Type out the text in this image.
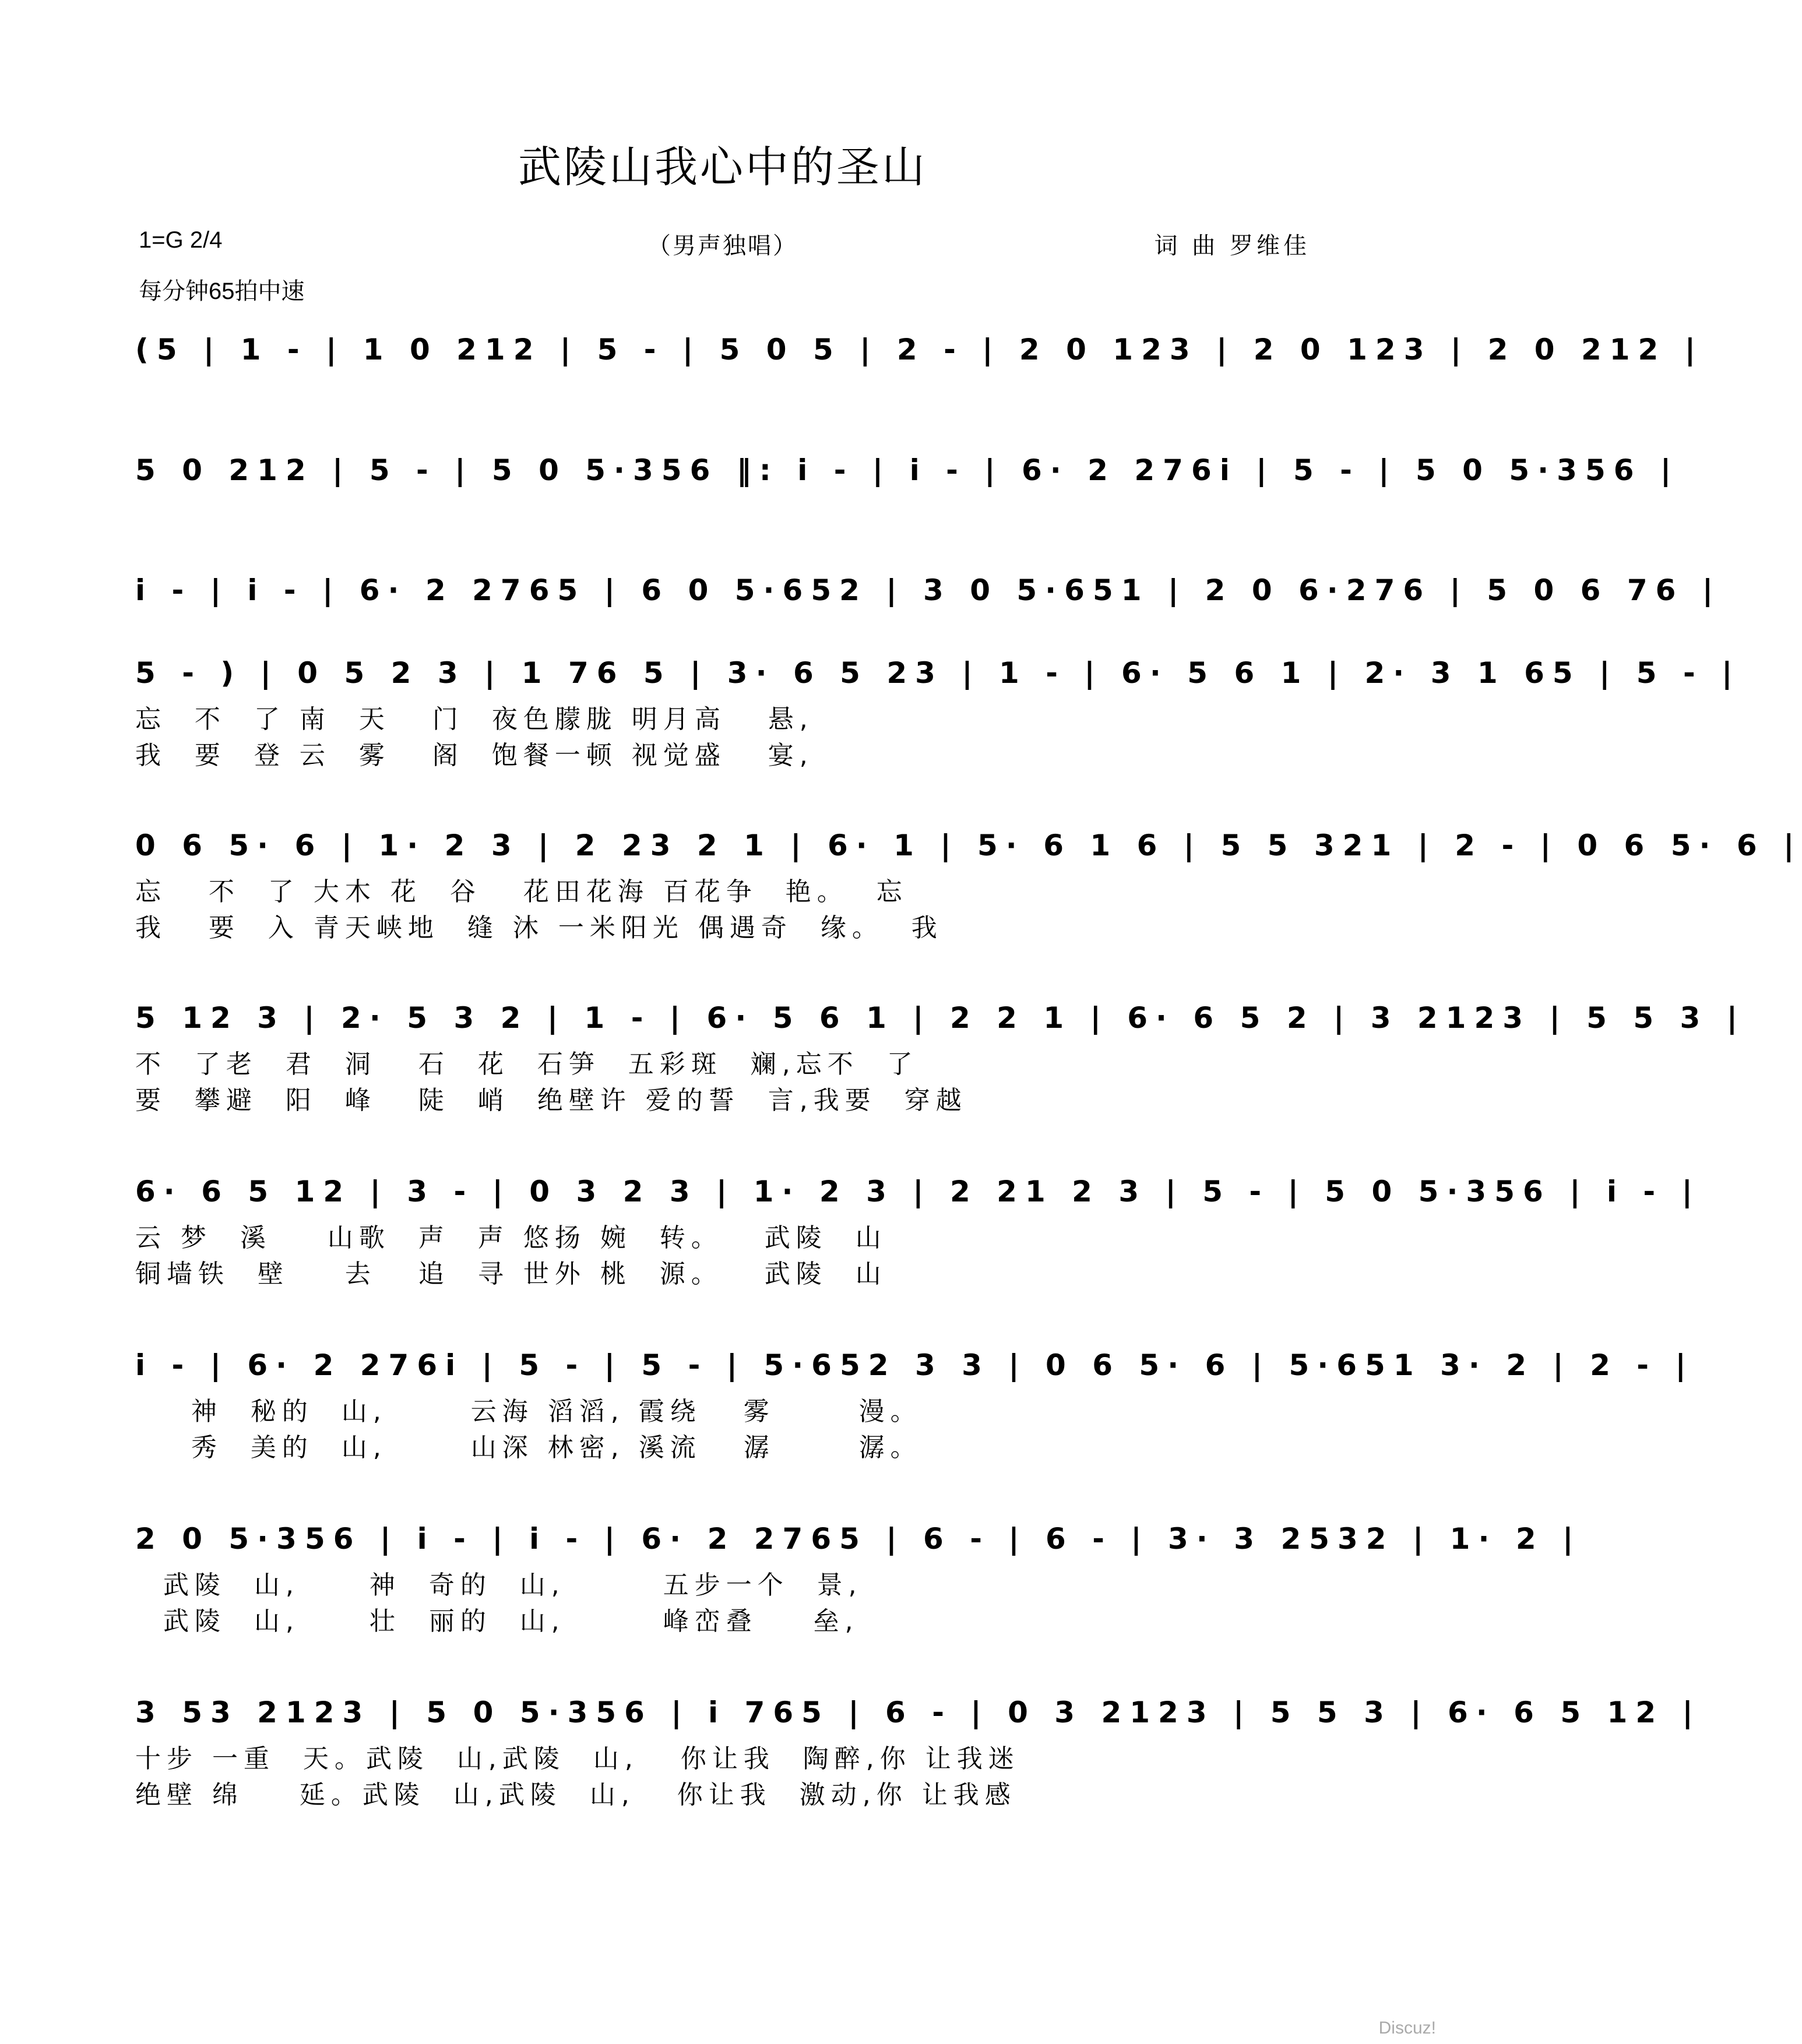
武陵山我心中的圣山
1=G 2/4
每分钟65拍中速
（男声独唱）	词 曲 罗维佳
(5 | 1 - | 1 0 212 | 5 - | 5 0 5 | 2 - | 2 0 123 | 2 0 123 | 2 0 212 |
5 0 212 | 5 - | 5 0 5·356 ‖: i - | i - | 6· 2 276i | 5 - | 5 0 5·356 |
i - | i - | 6· 2 2765 | 6 0 5·652 | 3 0 5·651 | 2 0 6·276 | 5 0 6 76 |
5 - ) | 0 5 2 3 | 1 76 5 | 3· 6 5 23 | 1 - | 6· 5 6 1 | 2· 3 1 65 | 5 - |
忘  不  了 南  天   门  夜色朦胧 明月高   悬,
我  要  登 云  雾   阁  饱餐一顿 视觉盛   宴,
0 6 5· 6 | 1· 2 3 | 2 23 2 1 | 6· 1 | 5· 6 1 6 | 5 5 321 | 2 - | 0 6 5· 6 |
忘   不  了 大木 花  谷   花田花海 百花争  艳。  忘
我   要  入 青天峡地  缝 沐 一米阳光 偶遇奇  缘。  我
5 12 3 | 2· 5 3 2 | 1 - | 6· 5 6 1 | 2 2 1 | 6· 6 5 2 | 3 2123 | 5 5 3 |
不  了老  君  洞   石  花  石笋  五彩斑  斓,忘不  了
要  攀避  阳  峰   陡  峭  绝壁许 爱的誓  言,我要  穿越
6· 6 5 12 | 3 - | 0 3 2 3 | 1· 2 3 | 2 21 2 3 | 5 - | 5 0 5·356 | i - |
云 梦  溪    山歌  声  声 悠扬 婉  转。   武陵  山
铜墙铁  壁    去   追  寻 世外 桃  源。   武陵  山
i - | 6· 2 276i | 5 - | 5 - | 5·652 3 3 | 0 6 5· 6 | 5·651 3· 2 | 2 - |
神  秘的  山,      云海 滔滔, 霞绕   雾      漫。
秀  美的  山,      山深 林密, 溪流   潺      潺。
2 0 5·356 | i - | i - | 6· 2 2765 | 6 - | 6 - | 3· 3 2532 | 1· 2 |
武陵  山,     神  奇的  山,       五步一个  景,
武陵  山,     壮  丽的  山,       峰峦叠    垒,
3 53 2123 | 5 0 5·356 | i 765 | 6 - | 0 3 2123 | 5 5 3 | 6· 6 5 12 |
十步 一重  天。武陵  山,武陵  山,   你让我  陶醉,你 让我迷
绝壁 绵    延。武陵  山,武陵  山,   你让我  激动,你 让我感
Discuz!
